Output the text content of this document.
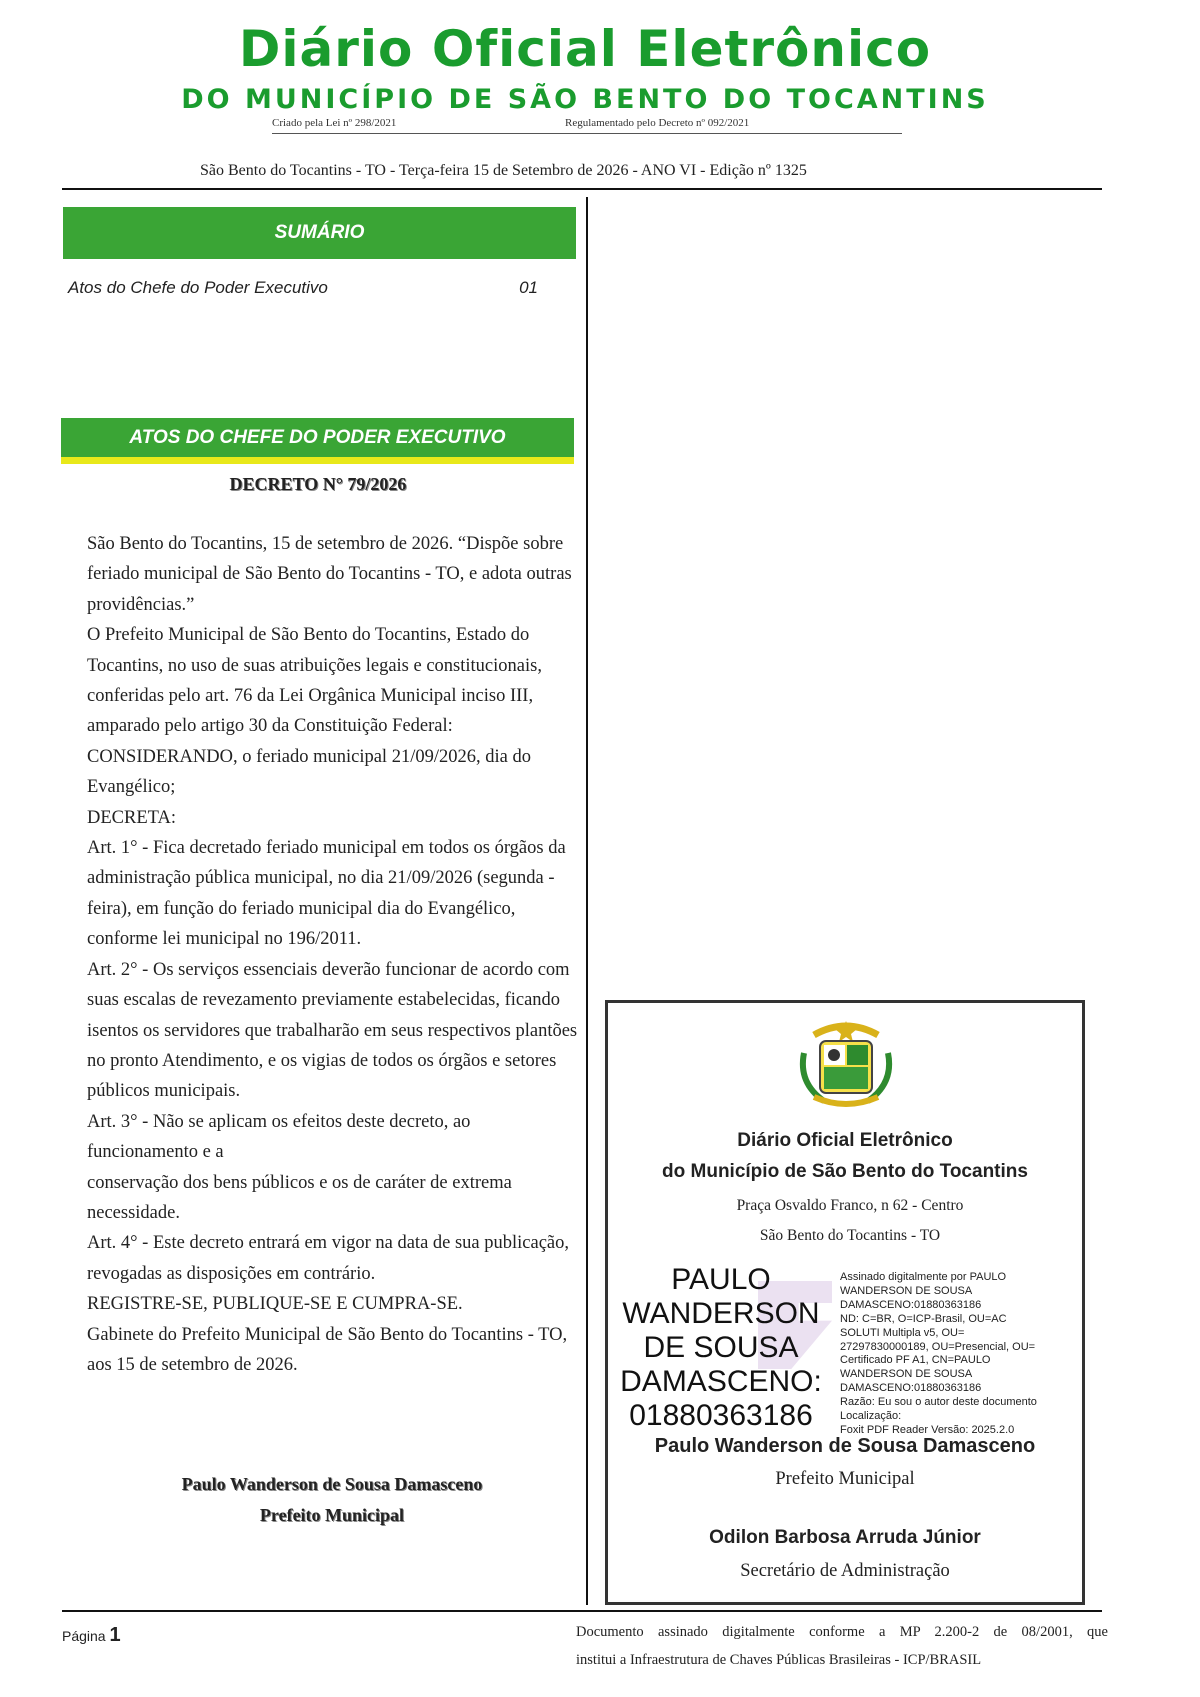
Diário Oficial Eletrônico
DO MUNICÍPIO DE SÃO BENTO DO TOCANTINS
Criado pela Lei nº 298/2021	Regulamentado pelo Decreto nº 092/2021
São Bento do Tocantins - TO - Terça-feira 15 de Setembro de 2026 - ANO VI - Edição nº 1325
SUMÁRIO
Atos do Chefe do Poder Executivo	01
ATOS DO CHEFE DO PODER EXECUTIVO
DECRETO N° 79/2026

São Bento do Tocantins, 15 de setembro de 2026. “Dispõe sobre feriado municipal de São Bento do Tocantins - TO, e adota outras providências.”

O Prefeito Municipal de São Bento do Tocantins, Estado do Tocantins, no uso de suas atribuições legais e constitucionais, conferidas pelo art. 76 da Lei Orgânica Municipal inciso III, amparado pelo artigo 30 da Constituição Federal:

CONSIDERANDO, o feriado municipal 21/09/2026, dia do Evangélico;

DECRETA:

Art. 1° - Fica decretado feriado municipal em todos os órgãos da administração pública municipal, no dia 21/09/2026 (segunda - feira), em função do feriado municipal dia do Evangélico, conforme lei municipal no 196/2011.

Art. 2° - Os serviços essenciais deverão funcionar de acordo com suas escalas de revezamento previamente estabelecidas, ficando isentos os servidores que trabalharão em seus respectivos plantões no pronto Atendimento, e os vigias de todos os órgãos e setores públicos municipais.

Art. 3° - Não se aplicam os efeitos deste decreto, ao funcionamento e a

conservação dos bens públicos e os de caráter de extrema necessidade.

Art. 4° - Este decreto entrará em vigor na data de sua publicação, revogadas as disposições em contrário.

REGISTRE-SE, PUBLIQUE-SE E CUMPRA-SE.

Gabinete do Prefeito Municipal de São Bento do Tocantins - TO, aos 15 de setembro de 2026.

Paulo Wanderson de Sousa Damasceno
Prefeito Municipal
Diário Oficial Eletrônico
do Município de São Bento do Tocantins
Praça Osvaldo Franco, n 62 - Centro
São Bento do Tocantins - TO
PAULO
WANDERSON
DE SOUSA
DAMASCENO:
01880363186
Assinado digitalmente por PAULO
WANDERSON DE SOUSA
DAMASCENO:01880363186
ND: C=BR, O=ICP-Brasil, OU=AC
SOLUTI Multipla v5, OU=
27297830000189, OU=Presencial, OU=
Certificado PF A1, CN=PAULO
WANDERSON DE SOUSA
DAMASCENO:01880363186
Razão: Eu sou o autor deste documento
Localização:
Foxit PDF Reader Versão: 2025.2.0
Paulo Wanderson de Sousa Damasceno
Prefeito Municipal
Odilon Barbosa Arruda Júnior
Secretário de Administração
Página 1	Documento assinado digitalmente conforme a MP 2.200-2 de 08/2001, que
institui a Infraestrutura de Chaves Públicas Brasileiras - ICP/BRASIL
